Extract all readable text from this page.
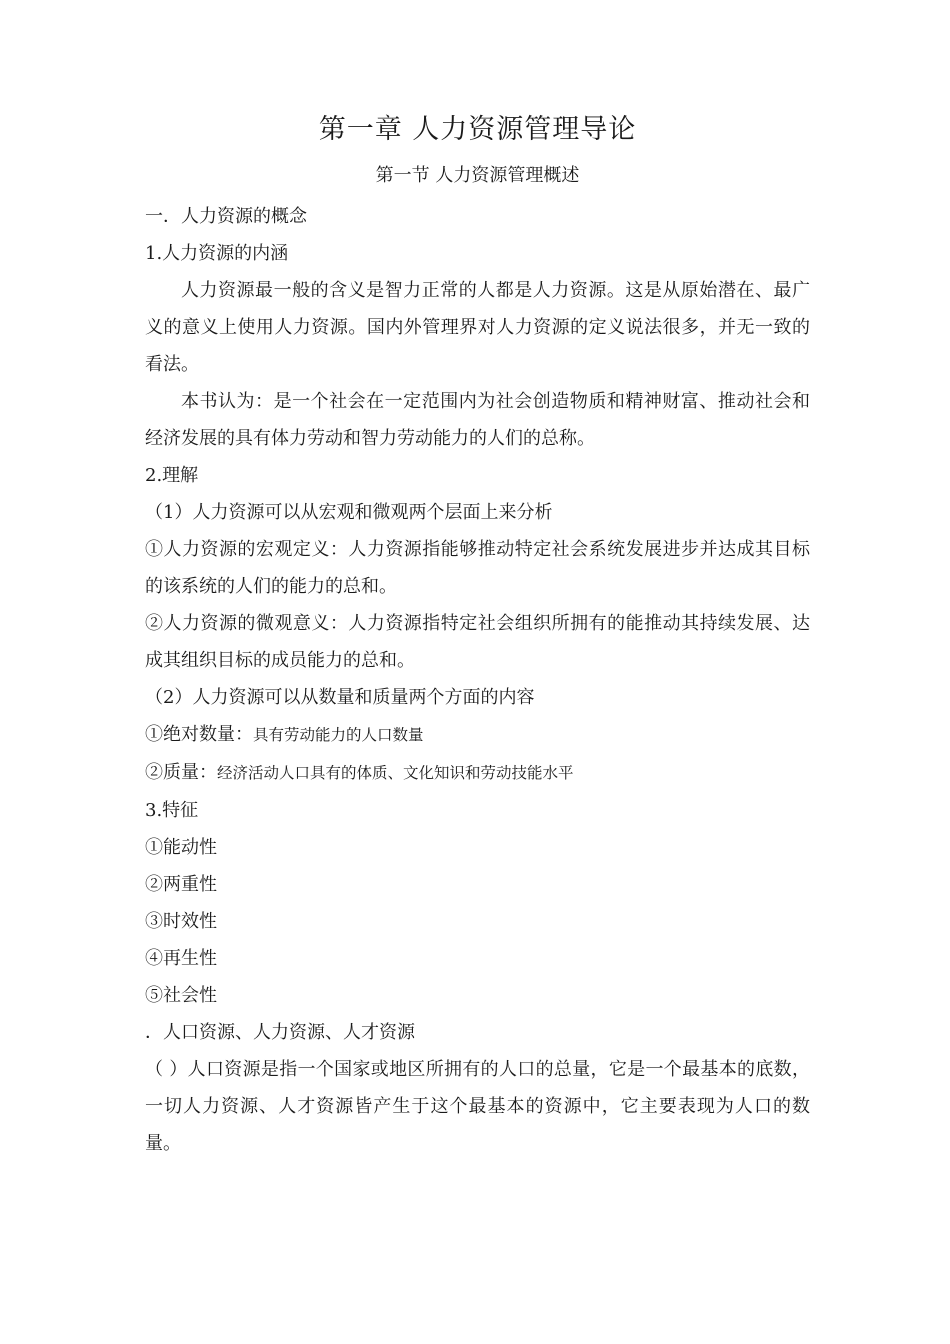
第一章 人力资源管理导论
第一节 人力资源管理概述

一．人力资源的概念

1.人力资源的内涵

人力资源最一般的含义是智力正常的人都是人力资源。这是从原始潜在、最广义的意义上使用人力资源。国内外管理界对人力资源的定义说法很多，并无一致的看法。

本书认为：是一个社会在一定范围内为社会创造物质和精神财富、推动社会和经济发展的具有体力劳动和智力劳动能力的人们的总称。

2.理解

（1）人力资源可以从宏观和微观两个层面上来分析

①人力资源的宏观定义：人力资源指能够推动特定社会系统发展进步并达成其目标的该系统的人们的能力的总和。

②人力资源的微观意义：人力资源指特定社会组织所拥有的能推动其持续发展、达成其组织目标的成员能力的总和。

（2）人力资源可以从数量和质量两个方面的内容

①绝对数量：具有劳动能力的人口数量

②质量：经济活动人口具有的体质、文化知识和劳动技能水平

3.特征

①能动性

②两重性

③时效性

④再生性

⑤社会性

．人口资源、人力资源、人才资源

（ ）人口资源是指一个国家或地区所拥有的人口的总量，它是一个最基本的底数，一切人力资源、人才资源皆产生于这个最基本的资源中，它主要表现为人口的数量。
